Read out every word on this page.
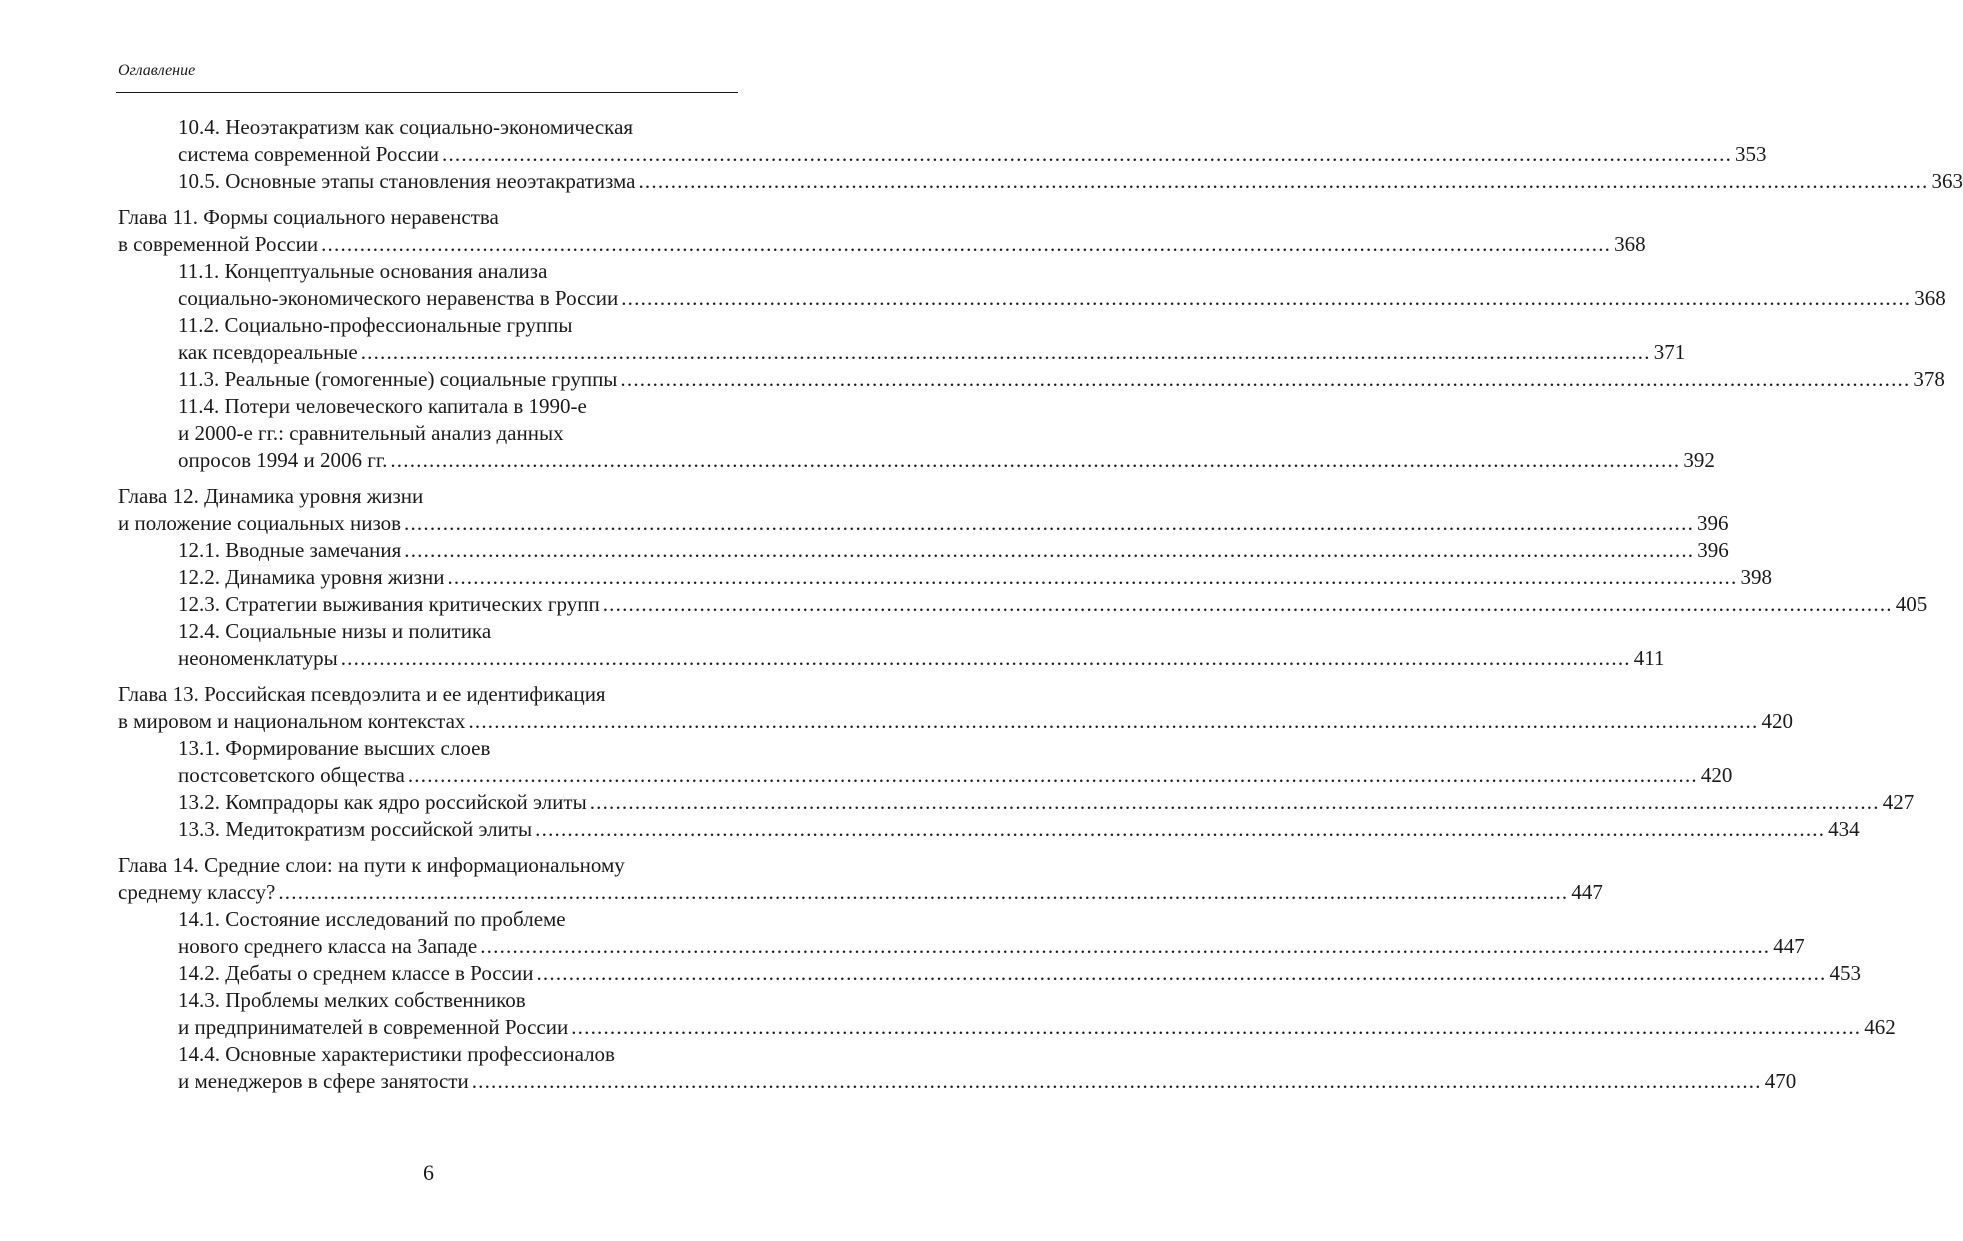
Оглавление
10.4. Неоэтакратизм как социально-экономическая
система современной России ........................................................................................................................................................................................................ 353
10.5. Основные этапы становления неоэтакратизма ........................................................................................................................................................................................................ 363
Глава 11. Формы социального неравенства
в современной России ........................................................................................................................................................................................................ 368
11.1. Концептуальные основания анализа
социально-экономического неравенства в России ........................................................................................................................................................................................................ 368
11.2. Социально-профессиональные группы
как псевдореальные ........................................................................................................................................................................................................ 371
11.3. Реальные (гомогенные) социальные группы ........................................................................................................................................................................................................ 378
11.4. Потери человеческого капитала в 1990-е
и 2000-е гг.: сравнительный анализ данных
опросов 1994 и 2006 гг. ........................................................................................................................................................................................................ 392
Глава 12. Динамика уровня жизни
и положение социальных низов ........................................................................................................................................................................................................ 396
12.1. Вводные замечания ........................................................................................................................................................................................................ 396
12.2. Динамика уровня жизни ........................................................................................................................................................................................................ 398
12.3. Стратегии выживания критических групп ........................................................................................................................................................................................................ 405
12.4. Социальные низы и политика
неономенклатуры ........................................................................................................................................................................................................ 411
Глава 13. Российская псевдоэлита и ее идентификация
в мировом и национальном контекстах ........................................................................................................................................................................................................ 420
13.1. Формирование высших слоев
постсоветского общества ........................................................................................................................................................................................................ 420
13.2. Компрадоры как ядро российской элиты ........................................................................................................................................................................................................ 427
13.3. Медитократизм российской элиты ........................................................................................................................................................................................................ 434
Глава 14. Средние слои: на пути к информациональному
среднему классу? ........................................................................................................................................................................................................ 447
14.1. Состояние исследований по проблеме
нового среднего класса на Западе ........................................................................................................................................................................................................ 447
14.2. Дебаты о среднем классе в России ........................................................................................................................................................................................................ 453
14.3. Проблемы мелких собственников
и предпринимателей в современной России ........................................................................................................................................................................................................ 462
14.4. Основные характеристики профессионалов
и менеджеров в сфере занятости ........................................................................................................................................................................................................ 470
6
